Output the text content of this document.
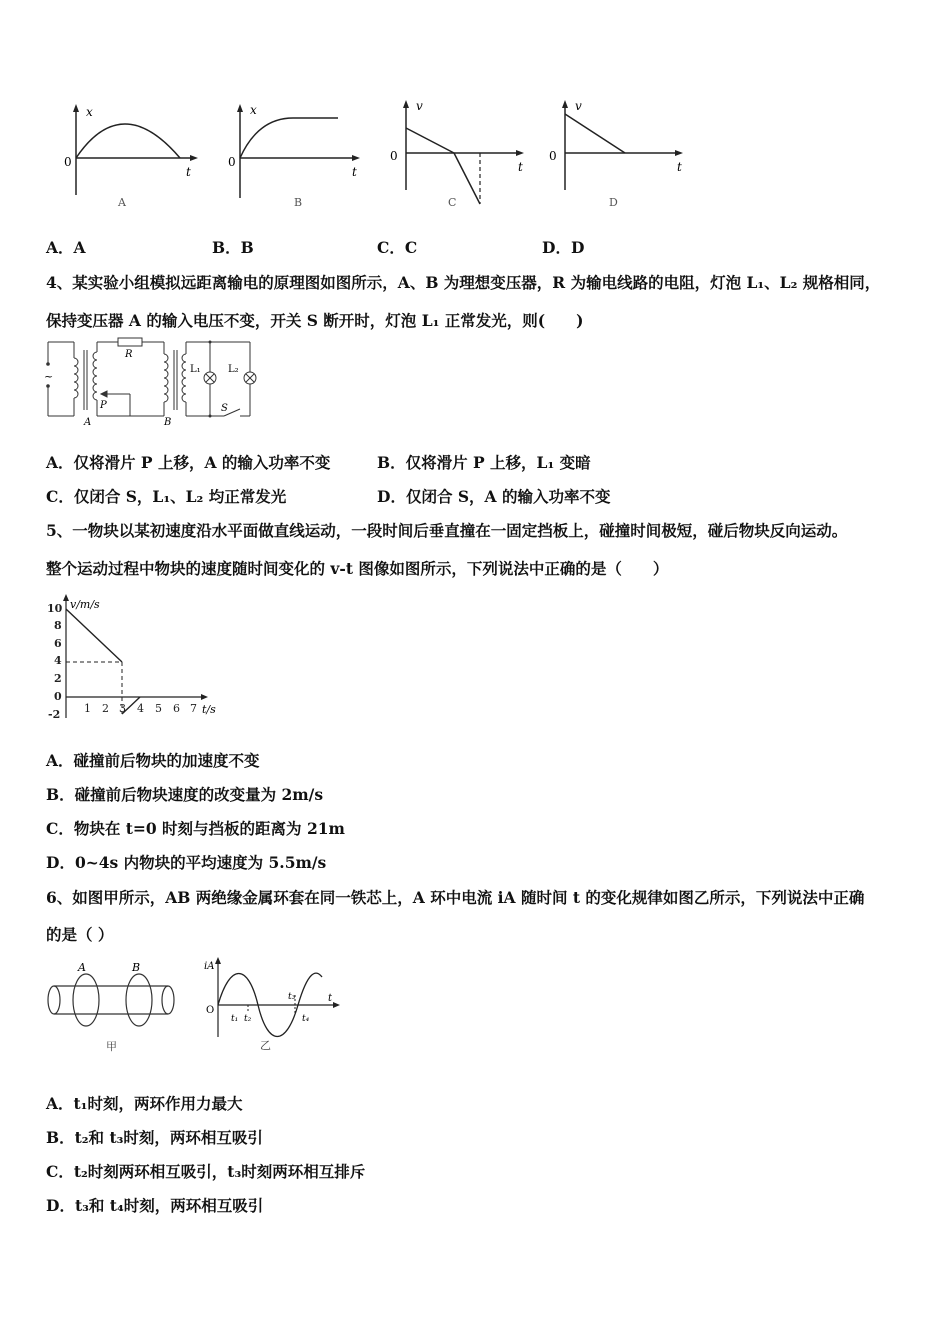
x
0
t
A
x
0
t
B
v
0
t
C
v
0
t
D
A．A	B．B	C．C	D．D
4、某实验小组模拟远距离输电的原理图如图所示，A、B 为理想变压器，R 为输电线路的电阻，灯泡 L₁、L₂ 规格相同，
保持变压器 A 的输入电压不变，开关 S 断开时，灯泡 L₁ 正常发光，则(　　)
~
R
P
A	B
L₁	L₂
S
A．仅将滑片 P 上移，A 的输入功率不变	B．仅将滑片 P 上移，L₁ 变暗
C．仅闭合 S，L₁、L₂ 均正常发光	D．仅闭合 S，A 的输入功率不变
5、一物块以某初速度沿水平面做直线运动，一段时间后垂直撞在一固定挡板上，碰撞时间极短，碰后物块反向运动。
整个运动过程中物块的速度随时间变化的 v-t 图像如图所示，下列说法中正确的是（　　）
10
8
6
4
2
0
-2 1 2 3 4 5 6 7
v/m/s
t/s
A．碰撞前后物块的加速度不变
B．碰撞前后物块速度的改变量为 2m/s
C．物块在 t=0 时刻与挡板的距离为 21m
D．0~4s 内物块的平均速度为 5.5m/s
6、如图甲所示，AB 两绝缘金属环套在同一铁芯上，A 环中电流 iA 随时间 t 的变化规律如图乙所示，下列说法中正确
的是（ ）
A	B
甲
iA
O
t
t₁ t₂
t₃
t₄
乙
A．t₁时刻，两环作用力最大
B．t₂和 t₃时刻，两环相互吸引
C．t₂时刻两环相互吸引，t₃时刻两环相互排斥
D．t₃和 t₄时刻，两环相互吸引
